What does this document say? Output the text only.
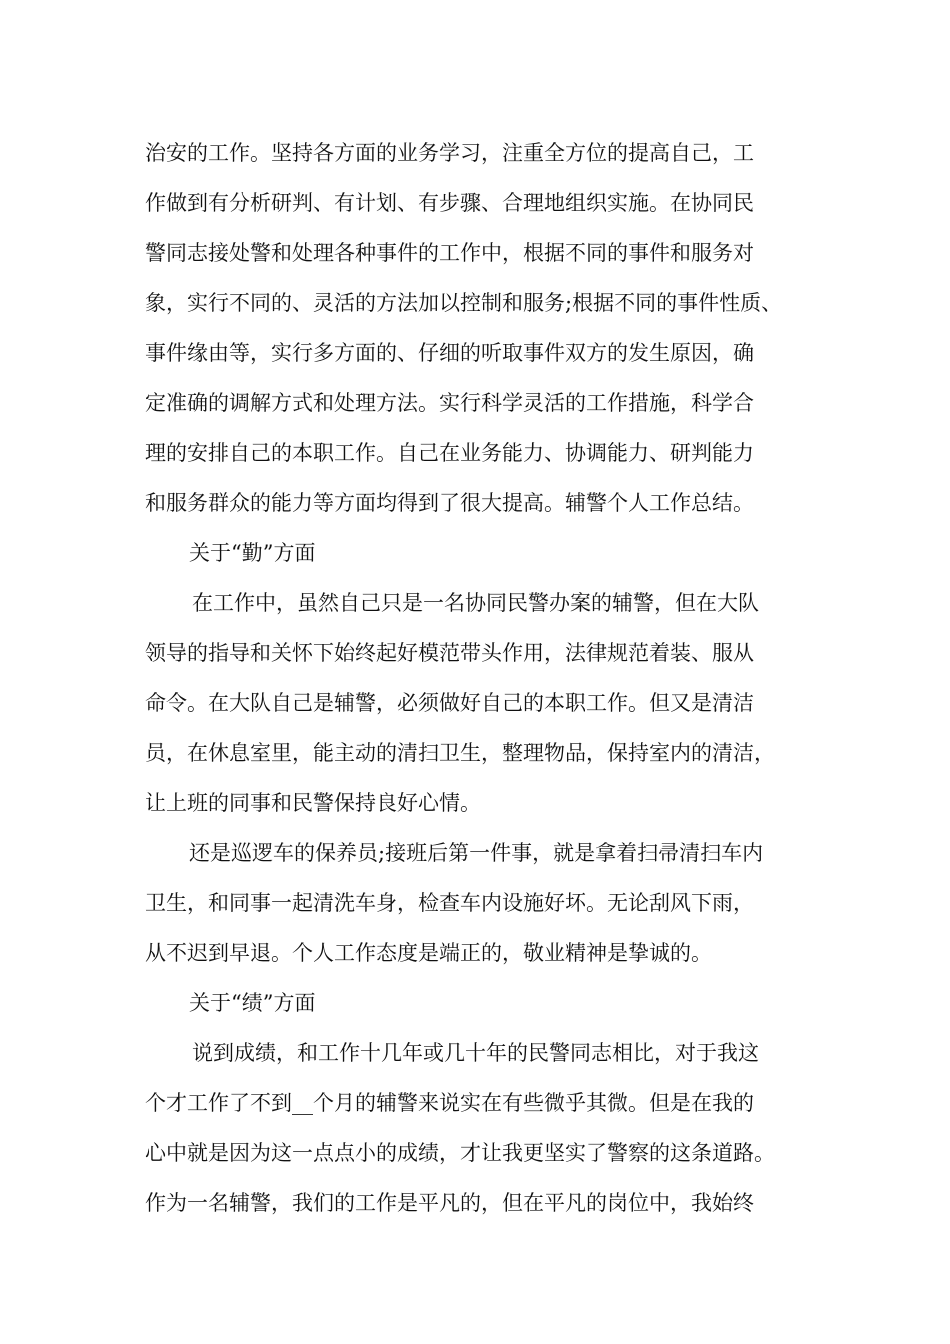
治安的工作。坚持各方面的业务学习，注重全方位的提高自己，工
作做到有分析研判、有计划、有步骤、合理地组织实施。在协同民
警同志接处警和处理各种事件的工作中，根据不同的事件和服务对
象，实行不同的、灵活的方法加以控制和服务;根据不同的事件性质、
事件缘由等，实行多方面的、仔细的听取事件双方的发生原因，确
定准确的调解方式和处理方法。实行科学灵活的工作措施，科学合
理的安排自己的本职工作。自己在业务能力、协调能力、研判能力
和服务群众的能力等方面均得到了很大提高。辅警个人工作总结。
关于“勤”方面
在工作中，虽然自己只是一名协同民警办案的辅警，但在大队
领导的指导和关怀下始终起好模范带头作用，法律规范着装、服从
命令。在大队自己是辅警，必须做好自己的本职工作。但又是清洁
员，在休息室里，能主动的清扫卫生，整理物品，保持室内的清洁，
让上班的同事和民警保持良好心情。
还是巡逻车的保养员;接班后第一件事，就是拿着扫帚清扫车内
卫生，和同事一起清洗车身，检查车内设施好坏。无论刮风下雨，
从不迟到早退。个人工作态度是端正的，敬业精神是挚诚的。
关于“绩”方面
说到成绩，和工作十几年或几十年的民警同志相比，对于我这
个才工作了不到__个月的辅警来说实在有些微乎其微。但是在我的
心中就是因为这一点点小的成绩，才让我更坚实了警察的这条道路。
作为一名辅警，我们的工作是平凡的，但在平凡的岗位中，我始终
